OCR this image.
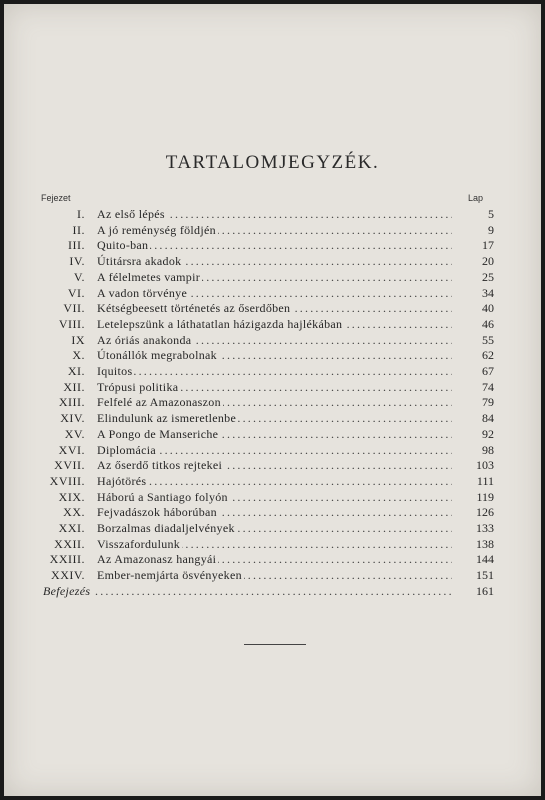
TARTALOMJEGYZÉK.
Fejezet	Lap
I. Az első lépés .....	5
II. A jó reménység földjén .....	9
III. Quito-ban .....	17
IV. Útitársra akadok .....	20
V. A félelmetes vampir .....	25
VI. A vadon törvénye .....	34
VII. Kétségbeesett történetés az őserdőben .....	40
VIII. Letelepszünk a láthatatlan házigazda hajlékában .....	46
IX Az óriás anakonda .....	55
X. Útonállók megrabolnak .....	62
XI. Iquitos .....	67
XII. Trópusi politika .....	74
XIII. Felfelé az Amazonaszon .....	79
XIV. Elindulunk az ismeretlenbe .....	84
XV. A Pongo de Manseriche .....	92
XVI. Diplomácia .....	98
XVII. Az őserdő titkos rejtekei .....	103
XVIII. Hajótörés .....	111
XIX. Háború a Santiago folyón .....	119
XX. Fejvadászok háborúban .....	126
XXI. Borzalmas diadaljelvények .....	133
XXII. Visszafordulunk .....	138
XXIII. Az Amazonasz hangyái .....	144
XXIV. Ember-nemjárta ösvényeken .....	151
Befejezés .....	161
